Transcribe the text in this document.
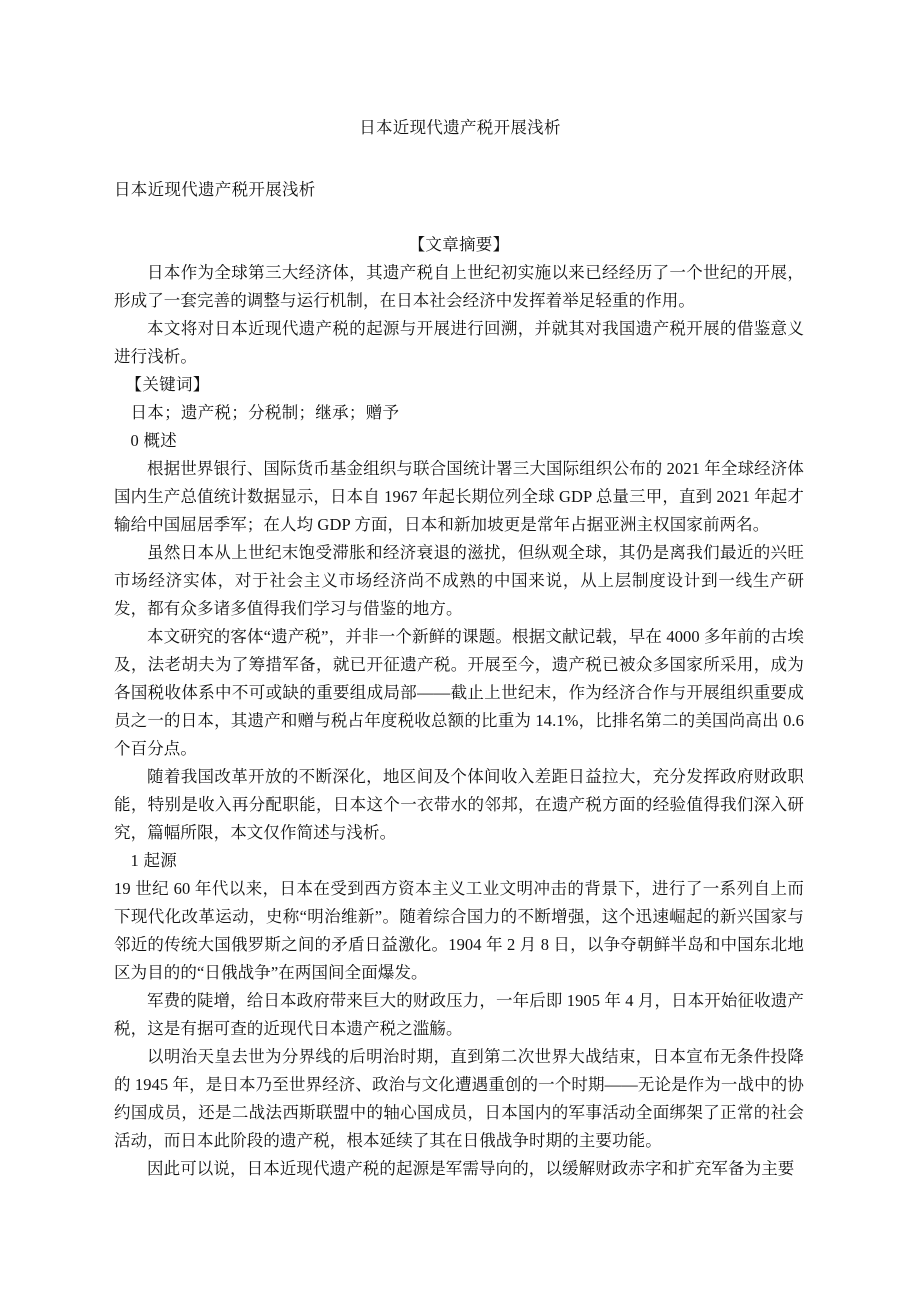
日本近现代遗产税开展浅析
日本近现代遗产税开展浅析

【文章摘要】

日本作为全球第三大经济体，其遗产税自上世纪初实施以来已经经历了一个世纪的开展，形成了一套完善的调整与运行机制，在日本社会经济中发挥着举足轻重的作用。

本文将对日本近现代遗产税的起源与开展进行回溯，并就其对我国遗产税开展的借鉴意义进行浅析。

【关键词】

日本；遗产税；分税制；继承；赠予

0 概述

根据世界银行、国际货币基金组织与联合国统计署三大国际组织公布的 2021 年全球经济体国内生产总值统计数据显示，日本自 1967 年起长期位列全球 GDP 总量三甲，直到 2021 年起才输给中国屈居季军；在人均 GDP 方面，日本和新加坡更是常年占据亚洲主权国家前两名。

虽然日本从上世纪末饱受滞胀和经济衰退的滋扰，但纵观全球，其仍是离我们最近的兴旺市场经济实体，对于社会主义市场经济尚不成熟的中国来说，从上层制度设计到一线生产研发，都有众多诸多值得我们学习与借鉴的地方。

本文研究的客体“遗产税”，并非一个新鲜的课题。根据文献记载，早在 4000 多年前的古埃及，法老胡夫为了筹措军备，就已开征遗产税。开展至今，遗产税已被众多国家所采用，成为各国税收体系中不可或缺的重要组成局部——截止上世纪末，作为经济合作与开展组织重要成员之一的日本，其遗产和赠与税占年度税收总额的比重为 14.1%，比排名第二的美国尚高出 0.6 个百分点。

随着我国改革开放的不断深化，地区间及个体间收入差距日益拉大，充分发挥政府财政职能，特别是收入再分配职能，日本这个一衣带水的邻邦，在遗产税方面的经验值得我们深入研究，篇幅所限，本文仅作简述与浅析。

1 起源

19 世纪 60 年代以来，日本在受到西方资本主义工业文明冲击的背景下，进行了一系列自上而下现代化改革运动，史称“明治维新”。随着综合国力的不断增强，这个迅速崛起的新兴国家与邻近的传统大国俄罗斯之间的矛盾日益激化。1904 年 2 月 8 日，以争夺朝鲜半岛和中国东北地区为目的的“日俄战争”在两国间全面爆发。

军费的陡增，给日本政府带来巨大的财政压力，一年后即 1905 年 4 月，日本开始征收遗产税，这是有据可查的近现代日本遗产税之滥觞。

以明治天皇去世为分界线的后明治时期，直到第二次世界大战结束，日本宣布无条件投降的 1945 年，是日本乃至世界经济、政治与文化遭遇重创的一个时期——无论是作为一战中的协约国成员，还是二战法西斯联盟中的轴心国成员，日本国内的军事活动全面绑架了正常的社会活动，而日本此阶段的遗产税，根本延续了其在日俄战争时期的主要功能。

因此可以说，日本近现代遗产税的起源是军需导向的，以缓解财政赤字和扩充军备为主要
